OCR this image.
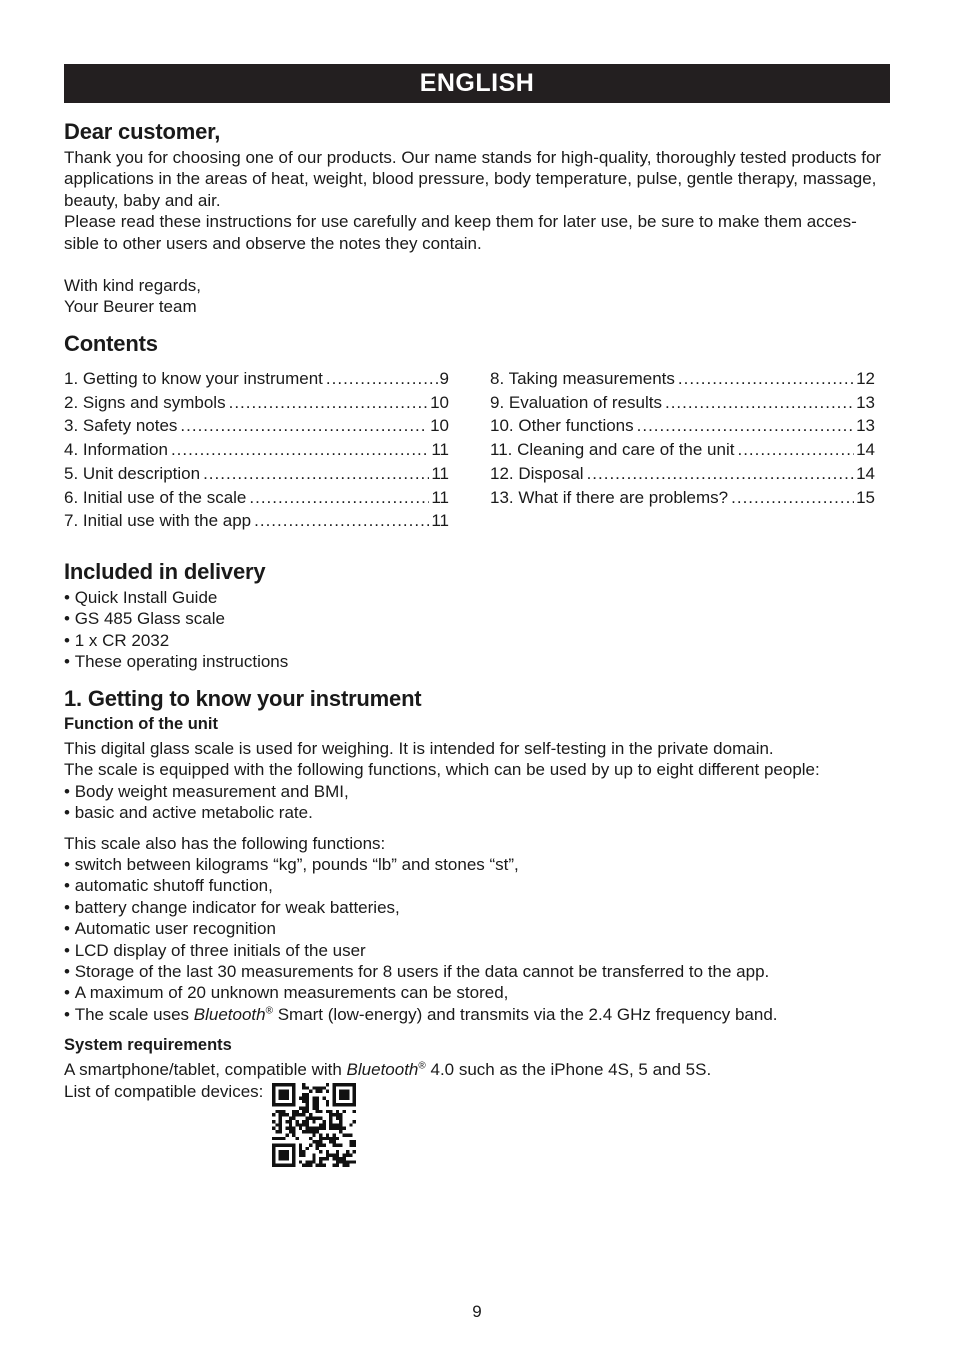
ENGLISH
Dear customer,

Thank you for choosing one of our products. Our name stands for high-quality, thoroughly tested products for applications in the areas of heat, weight, blood pressure, body temperature, pulse, gentle therapy, massage, beauty, baby and air.

Please read these instructions for use carefully and keep them for later use, be sure to make them acces-sible to other users and observe the notes they contain.

With kind regards,

Your Beurer team

Contents
1. Getting to know your instrument .....	9
2. Signs and symbols .....	10
3. Safety notes .....	10
4. Information .....	11
5. Unit description .....	11
6. Initial use of the scale .....	11
7. Initial use with the app .....	11
8. Taking measurements .....	12
9. Evaluation of results .....	13
10. Other functions .....	13
11. Cleaning and care of the unit .....	14
12. Disposal .....	14
13. What if there are problems? .....	15
Included in delivery
• Quick Install Guide
• GS 485 Glass scale
• 1 x CR 2032
• These operating instructions
1. Getting to know your instrument
Function of the unit

This digital glass scale is used for weighing. It is intended for self-testing in the private domain.

The scale is equipped with the following functions, which can be used by up to eight different people:

• Body weight measurement and BMI,
• basic and active metabolic rate.

This scale also has the following functions:

• switch between kilograms “kg”, pounds “lb” and stones “st”,
• automatic shutoff function,
• battery change indicator for weak batteries,
• Automatic user recognition
• LCD display of three initials of the user
• Storage of the last 30 measurements for 8 users if the data cannot be transferred to the app.
• A maximum of 20 unknown measurements can be stored,
• The scale uses Bluetooth® Smart (low-energy) and transmits via the 2.4 GHz frequency band.
System requirements

A smartphone/tablet, compatible with Bluetooth® 4.0 such as the iPhone 4S, 5 and 5S.

List of compatible devices:

9
